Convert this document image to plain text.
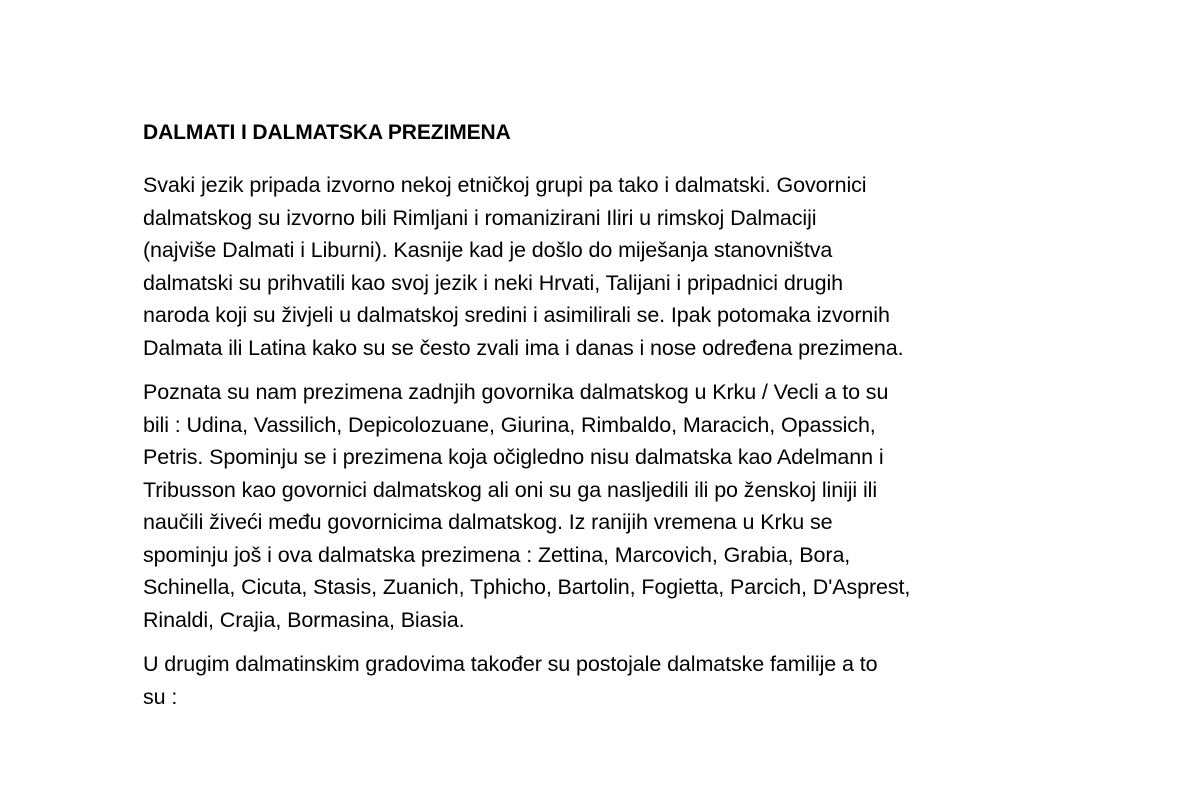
DALMATI I DALMATSKA PREZIMENA

Svaki jezik pripada izvorno nekoj etničkoj grupi pa tako i dalmatski. Govornici
dalmatskog su izvorno bili Rimljani i romanizirani Iliri u rimskoj Dalmaciji
(najviše Dalmati i Liburni). Kasnije kad je došlo do miješanja stanovništva
dalmatski su prihvatili kao svoj jezik i neki Hrvati, Talijani i pripadnici drugih
naroda koji su živjeli u dalmatskoj sredini i asimilirali se. Ipak potomaka izvornih
Dalmata ili Latina kako su se često zvali ima i danas i nose određena prezimena.

Poznata su nam prezimena zadnjih govornika dalmatskog u Krku / Vecli a to su
bili : Udina, Vassilich, Depicolozuane, Giurina, Rimbaldo, Maracich, Opassich,
Petris. Spominju se i prezimena koja očigledno nisu dalmatska kao Adelmann i
Tribusson kao govornici dalmatskog ali oni su ga nasljedili ili po ženskoj liniji ili
naučili živeći među govornicima dalmatskog. Iz ranijih vremena u Krku se
spominju još i ova dalmatska prezimena : Zettina, Marcovich, Grabia, Bora,
Schinella, Cicuta, Stasis, Zuanich, Tphicho, Bartolin, Fogietta, Parcich, D'Asprest,
Rinaldi, Crajia, Bormasina, Biasia.

U drugim dalmatinskim gradovima također su postojale dalmatske familije a to
su :
